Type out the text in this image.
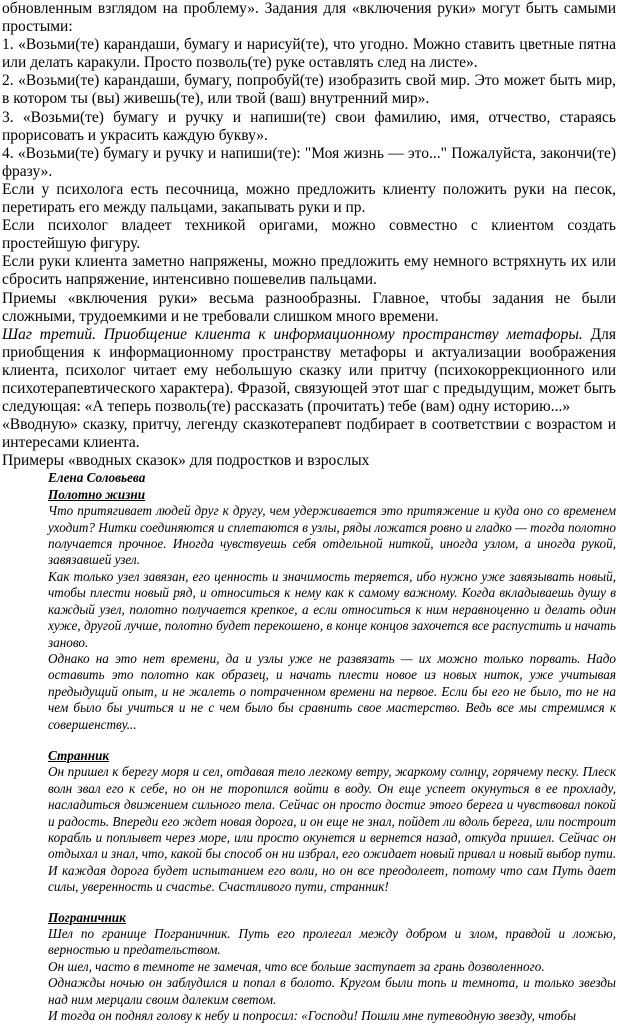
обновленным взглядом на проблему». Задания для «включения руки» могут быть самыми простыми:

1. «Возьми(те) карандаши, бумагу и нарисуй(те), что угодно. Можно ставить цветные пятна или делать каракули. Просто позволь(те) руке оставлять след на листе».

2. «Возьми(те) карандаши, бумагу, попробуй(те) изобразить свой мир. Это может быть мир, в котором ты (вы) живешь(те), или твой (ваш) внутренний мир».

3. «Возьми(те) бумагу и ручку и напиши(те) свои фамилию, имя, отчество, стараясь прорисовать и украсить каждую букву».

4. «Возьми(те) бумагу и ручку и напиши(те): "Моя жизнь — это..." Пожалуйста, закончи(те) фразу».

Если у психолога есть песочница, можно предложить клиенту положить руки на песок, перетирать его между пальцами, закапывать руки и пр.

Если психолог владеет техникой оригами, можно совместно с клиентом создать простейшую фигуру.

Если руки клиента заметно напряжены, можно предложить ему немного встряхнуть их или сбросить напряжение, интенсивно пошевелив пальцами.

Приемы «включения руки» весьма разнообразны. Главное, чтобы задания не были сложными, трудоемкими и не требовали слишком много времени.

Шаг третий. Приобщение клиента к информационному пространству метафоры. Для приобщения к информационному пространству метафоры и актуализации воображения клиента, психолог читает ему небольшую сказку или притчу (психокоррекционного или психотерапевтического характера). Фразой, связующей этот шаг с предыдущим, может быть следующая: «А теперь позволь(те) рассказать (прочитать) тебе (вам) одну историю...»

«Вводную» сказку, притчу, легенду сказкотерапевт подбирает в соответствии с возрастом и интересами клиента.

Примеры «вводных сказок» для подростков и взрослых

Елена Соловьева

Полотно жизни

Что притягивает людей друг к другу, чем удерживается это притяжение и куда оно со временем уходит? Нитки соединяются и сплетаются в узлы, ряды ложатся ровно и гладко — тогда полотно получается прочное. Иногда чувствуешь себя отдельной ниткой, иногда узлом, а иногда рукой, завязавшей узел.

Как только узел завязан, его ценность и значимость теряется, ибо нужно уже завязывать новый, чтобы плести новый ряд, и относиться к нему как к самому важному. Когда вкладываешь душу в каждый узел, полотно получается крепкое, а если относиться к ним неравноценно и делать один хуже, другой лучше, полотно будет перекошено, в конце концов захочется все распустить и начать заново.

Однако на это нет времени, да и узлы уже не развязать — их можно только порвать. Надо оставить это полотно как образец, и начать плести новое из новых ниток, уже учитывая предыдущий опыт, и не жалеть о потраченном времени на первое. Если бы его не было, то не на чем было бы учиться и не с чем было бы сравнить свое мастерство. Ведь все мы стремимся к совершенству...

Странник

Он пришел к берегу моря и сел, отдавая тело легкому ветру, жаркому солнцу, горячему песку. Плеск волн звал его к себе, но он не торопился войти в воду. Он еще успеет окунуться в ее прохладу, насладиться движением сильного тела. Сейчас он просто достиг этого берега и чувствовал покой и радость. Впереди его ждет новая дорога, и он еще не знал, пойдет ли вдоль берега, или построит корабль и поплывет через море, или просто окунется и вернется назад, откуда пришел. Сейчас он отдыхал и знал, что, какой бы способ он ни избрал, его ожидает новый привал и новый выбор пути. И каждая дорога будет испытанием его воли, но он все преодолеет, потому что сам Путь дает силы, уверенность и счастье. Счастливого пути, странник!

Пограничник

Шел по границе Пограничник. Путь его пролегал между добром и злом, правдой и ложью, верностью и предательством.

Он шел, часто в темноте не замечая, что все больше заступает за грань дозволенного.

Однажды ночью он заблудился и попал в болото. Кругом были топь и темнота, и только звезды над ним мерцали своим далеким светом.

И тогда он поднял голову к небу и попросил: «Господи! Пошли мне путеводную звезду, чтобы
